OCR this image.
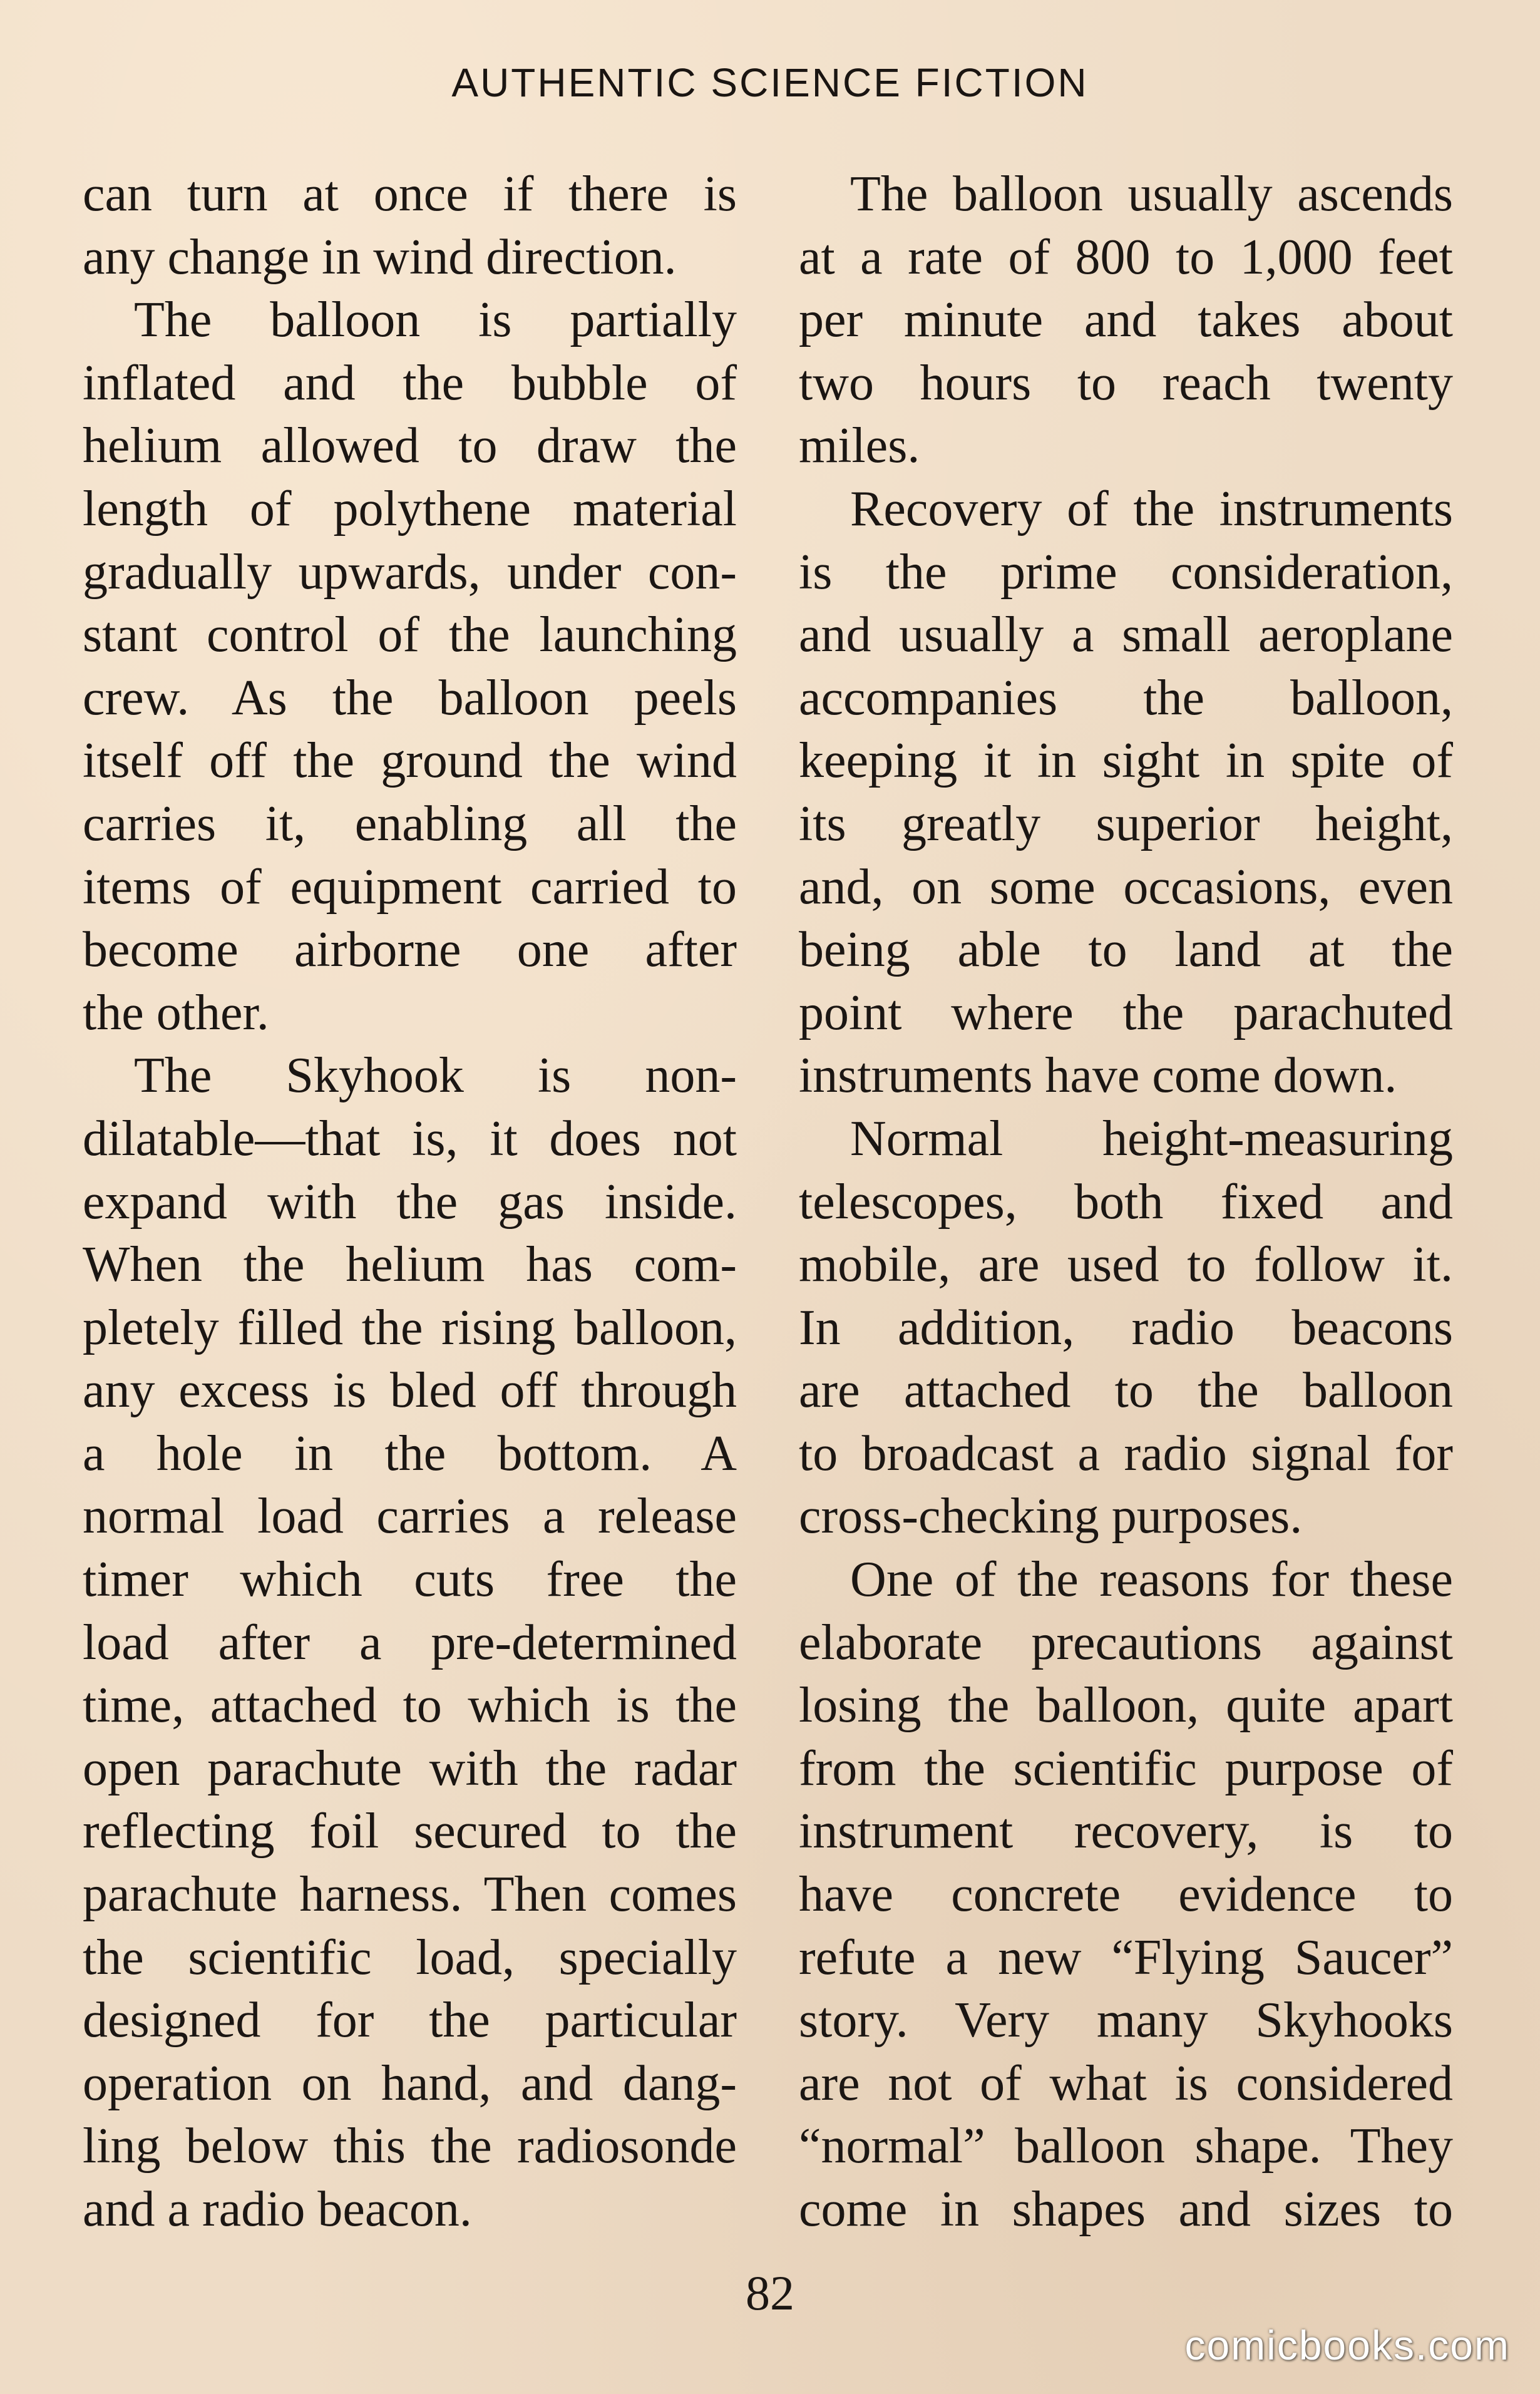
AUTHENTIC SCIENCE FICTION
can turn at once if there is
any change in wind direction.
The balloon is partially
inflated and the bubble of
helium allowed to draw the
length of polythene material
gradually upwards, under con-
stant control of the launching
crew. As the balloon peels
itself off the ground the wind
carries it, enabling all the
items of equipment carried to
become airborne one after
the other.
The Skyhook is non-
dilatable—that is, it does not
expand with the gas inside.
When the helium has com-
pletely filled the rising balloon,
any excess is bled off through
a hole in the bottom. A
normal load carries a release
timer which cuts free the
load after a pre-determined
time, attached to which is the
open parachute with the radar
reflecting foil secured to the
parachute harness. Then comes
the scientific load, specially
designed for the particular
operation on hand, and dang-
ling below this the radiosonde
and a radio beacon.
The balloon usually ascends
at a rate of 800 to 1,000 feet
per minute and takes about
two hours to reach twenty
miles.
Recovery of the instruments
is the prime consideration,
and usually a small aeroplane
accompanies the balloon,
keeping it in sight in spite of
its greatly superior height,
and, on some occasions, even
being able to land at the
point where the parachuted
instruments have come down.
Normal height-measuring
telescopes, both fixed and
mobile, are used to follow it.
In addition, radio beacons
are attached to the balloon
to broadcast a radio signal for
cross-checking purposes.
One of the reasons for these
elaborate precautions against
losing the balloon, quite apart
from the scientific purpose of
instrument recovery, is to
have concrete evidence to
refute a new “Flying Saucer”
story. Very many Skyhooks
are not of what is considered
“normal” balloon shape. They
come in shapes and sizes to
82
comicbooks.com
